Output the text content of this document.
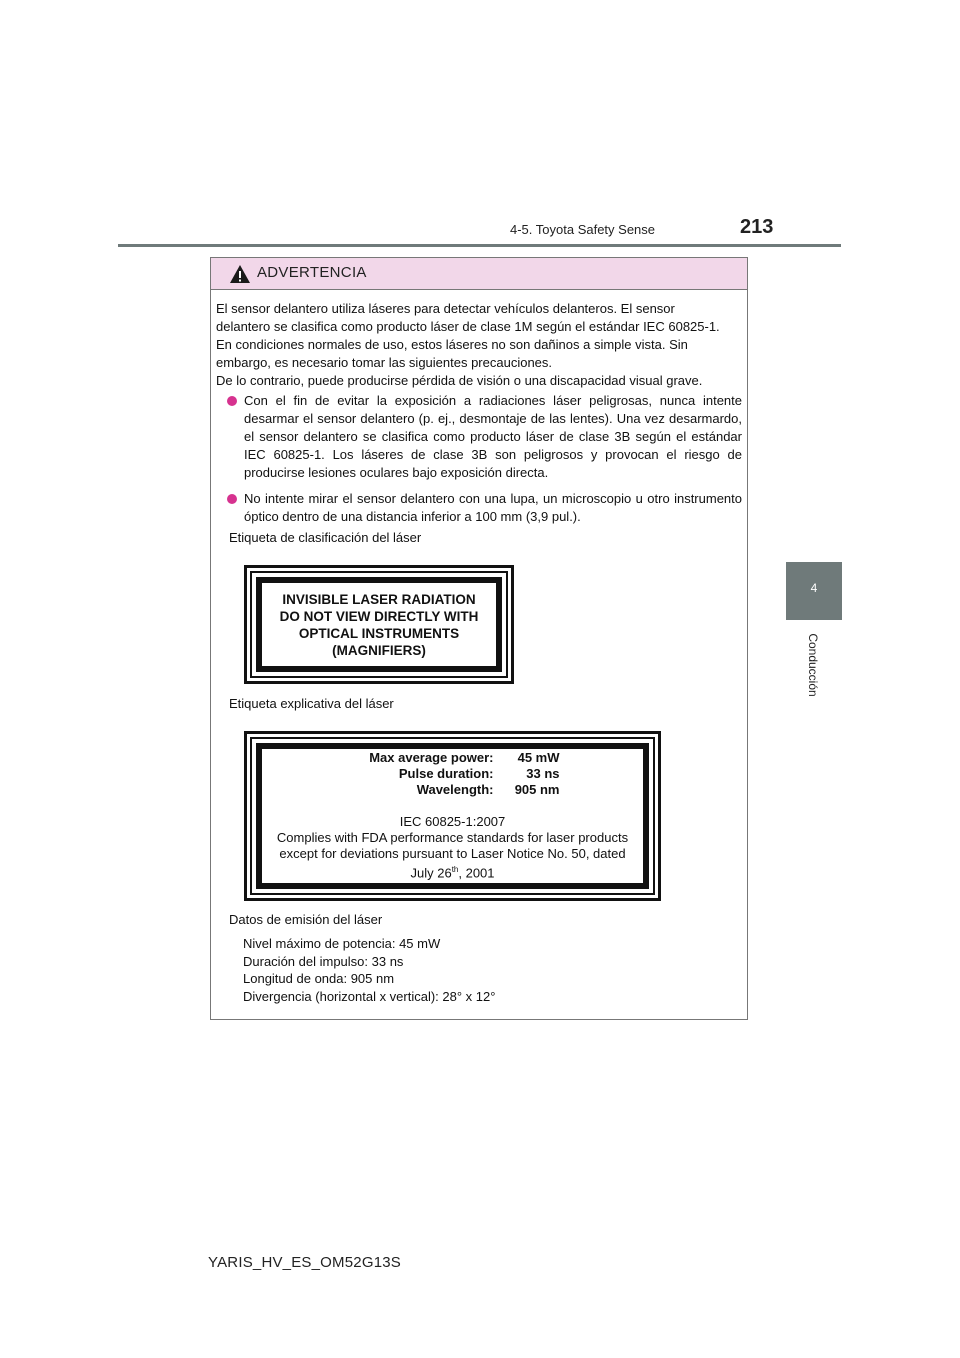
4-5. Toyota Safety Sense	213
4
Conducción
ADVERTENCIA

El sensor delantero utiliza láseres para detectar vehículos delanteros. El sensor

delantero se clasifica como producto láser de clase 1M según el estándar IEC 60825-1.

En condiciones normales de uso, estos láseres no son dañinos a simple vista. Sin

embargo, es necesario tomar las siguientes precauciones.

De lo contrario, puede producirse pérdida de visión o una discapacidad visual grave.

Con el fin de evitar la exposición a radiaciones láser peligrosas, nunca intente desarmar el sensor delantero (p. ej., desmontaje de las lentes). Una vez desarmardo, el sensor delantero se clasifica como producto láser de clase 3B según el estándar IEC 60825-1. Los láseres de clase 3B son peligrosos y provocan el riesgo de producirse lesiones oculares bajo exposición directa.
No intente mirar el sensor delantero con una lupa, un microscopio u otro instrumento óptico dentro de una distancia inferior a 100 mm (3,9 pul.).
Etiqueta de clasificación del láser
INVISIBLE LASER RADIATION
DO NOT VIEW DIRECTLY WITH
OPTICAL INSTRUMENTS
(MAGNIFIERS)
Etiqueta explicativa del láser
Max average power:	45 mW
Pulse duration:	33 ns
Wavelength:	905 nm
IEC 60825-1:2007
Complies with FDA performance standards for laser products
except for deviations pursuant to Laser Notice No. 50, dated
July 26th, 2001
Datos de emisión del láser
Nivel máximo de potencia: 45 mW
Duración del impulso: 33 ns
Longitud de onda: 905 nm
Divergencia (horizontal x vertical): 28° x 12°
YARIS_HV_ES_OM52G13S
